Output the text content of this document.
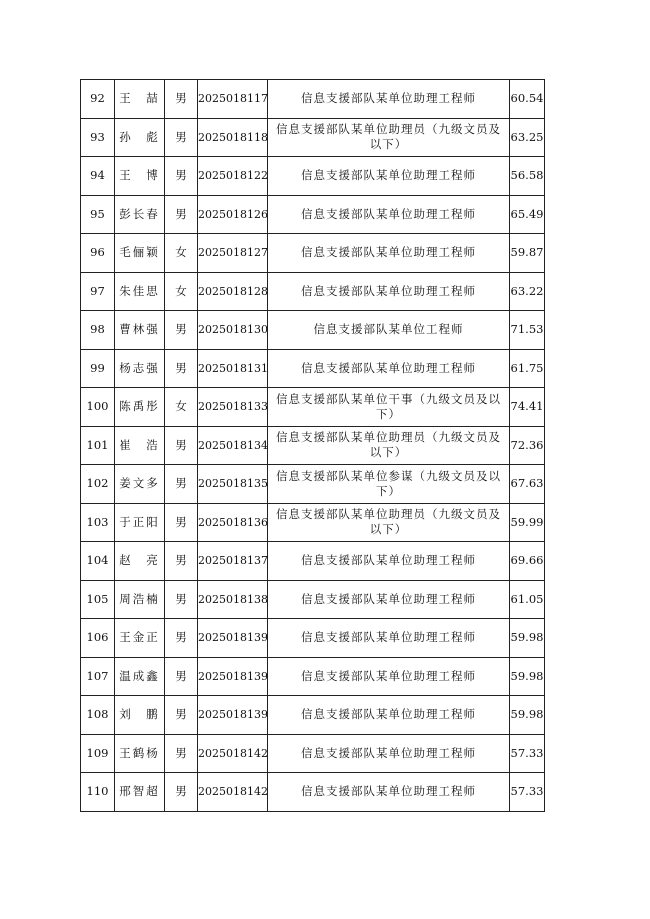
92	王　喆	男	2025018117	信息支援部队某单位助理工程师	60.54
93	孙　彪	男	2025018118	信息支援部队某单位助理员（九级文员及以下）	63.25
94	王　博	男	2025018122	信息支援部队某单位助理工程师	56.58
95	彭长春	男	2025018126	信息支援部队某单位助理工程师	65.49
96	毛俪颖	女	2025018127	信息支援部队某单位助理工程师	59.87
97	朱佳思	女	2025018128	信息支援部队某单位助理工程师	63.22
98	曹林强	男	2025018130	信息支援部队某单位工程师	71.53
99	杨志强	男	2025018131	信息支援部队某单位助理工程师	61.75
100	陈禹彤	女	2025018133	信息支援部队某单位干事（九级文员及以下）	74.41
101	崔　浩	男	2025018134	信息支援部队某单位助理员（九级文员及以下）	72.36
102	姜文多	男	2025018135	信息支援部队某单位参谋（九级文员及以下）	67.63
103	于正阳	男	2025018136	信息支援部队某单位助理员（九级文员及以下）	59.99
104	赵　亮	男	2025018137	信息支援部队某单位助理工程师	69.66
105	周浩楠	男	2025018138	信息支援部队某单位助理工程师	61.05
106	王金正	男	2025018139	信息支援部队某单位助理工程师	59.98
107	温成鑫	男	2025018139	信息支援部队某单位助理工程师	59.98
108	刘　鹏	男	2025018139	信息支援部队某单位助理工程师	59.98
109	王鹤杨	男	2025018142	信息支援部队某单位助理工程师	57.33
110	邢智超	男	2025018142	信息支援部队某单位助理工程师	57.33
